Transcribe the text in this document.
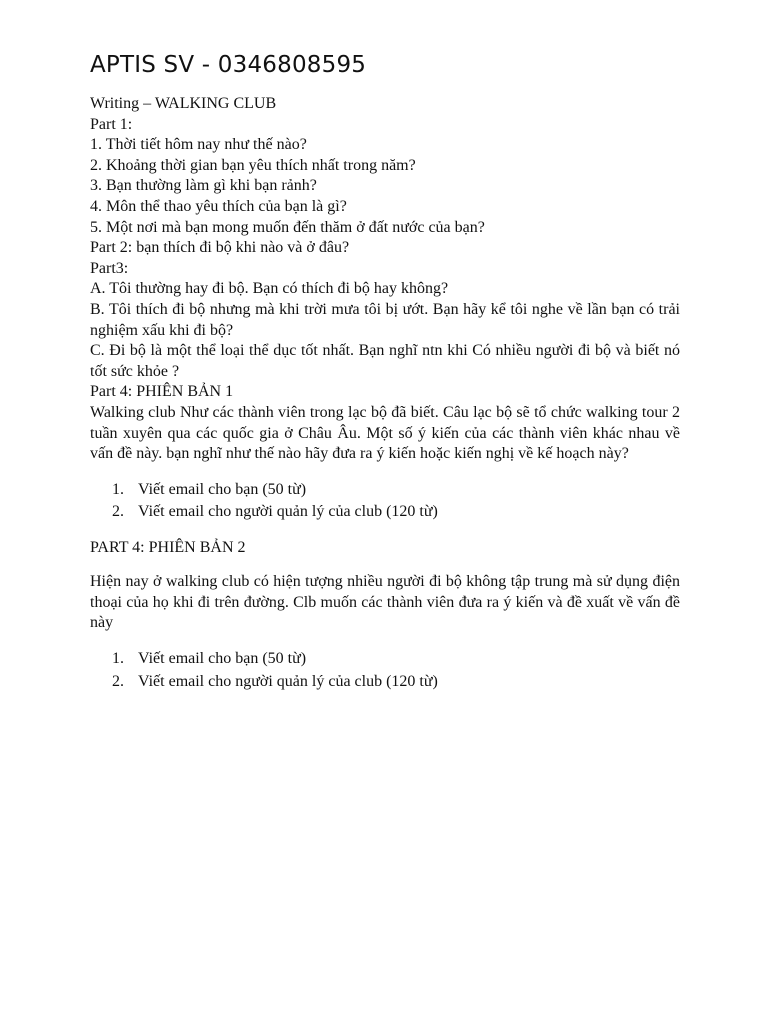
APTIS SV - 0346808595

Writing – WALKING CLUB

Part 1:

1. Thời tiết hôm nay như thế nào?

2. Khoảng thời gian bạn yêu thích nhất trong năm?

3. Bạn thường làm gì khi bạn rảnh?

4. Môn thể thao yêu thích của bạn là gì?

5. Một nơi mà bạn mong muốn đến thăm ở đất nước của bạn?

Part 2: bạn thích đi bộ khi nào và ở đâu?

Part3:

A. Tôi thường hay đi bộ. Bạn có thích đi bộ hay không?

B. Tôi thích đi bộ nhưng mà khi trời mưa tôi bị ướt. Bạn hãy kể tôi nghe về lần bạn có trải nghiệm xấu khi đi bộ?

C. Đi bộ là một thể loại thể dục tốt nhất. Bạn nghĩ ntn khi Có nhiều người đi bộ và biết nó tốt sức khỏe ?

Part 4: PHIÊN BẢN 1

Walking club Như các thành viên trong lạc bộ đã biết. Câu lạc bộ sẽ tổ chức walking tour 2 tuần xuyên qua các quốc gia ở Châu Âu. Một số ý kiến của các thành viên khác nhau về vấn đề này. bạn nghĩ như thế nào hãy đưa ra ý kiến hoặc kiến nghị về kế hoạch này?

1. Viết email cho bạn (50 từ)
2. Viết email cho người quản lý của club (120 từ)

PART 4: PHIÊN BẢN 2

Hiện nay ở walking club có hiện tượng nhiều người đi bộ không tập trung mà sử dụng điện thoại của họ khi đi trên đường. Clb muốn các thành viên đưa ra ý kiến và đề xuất về vấn đề này

1. Viết email cho bạn (50 từ)
2. Viết email cho người quản lý của club (120 từ)
